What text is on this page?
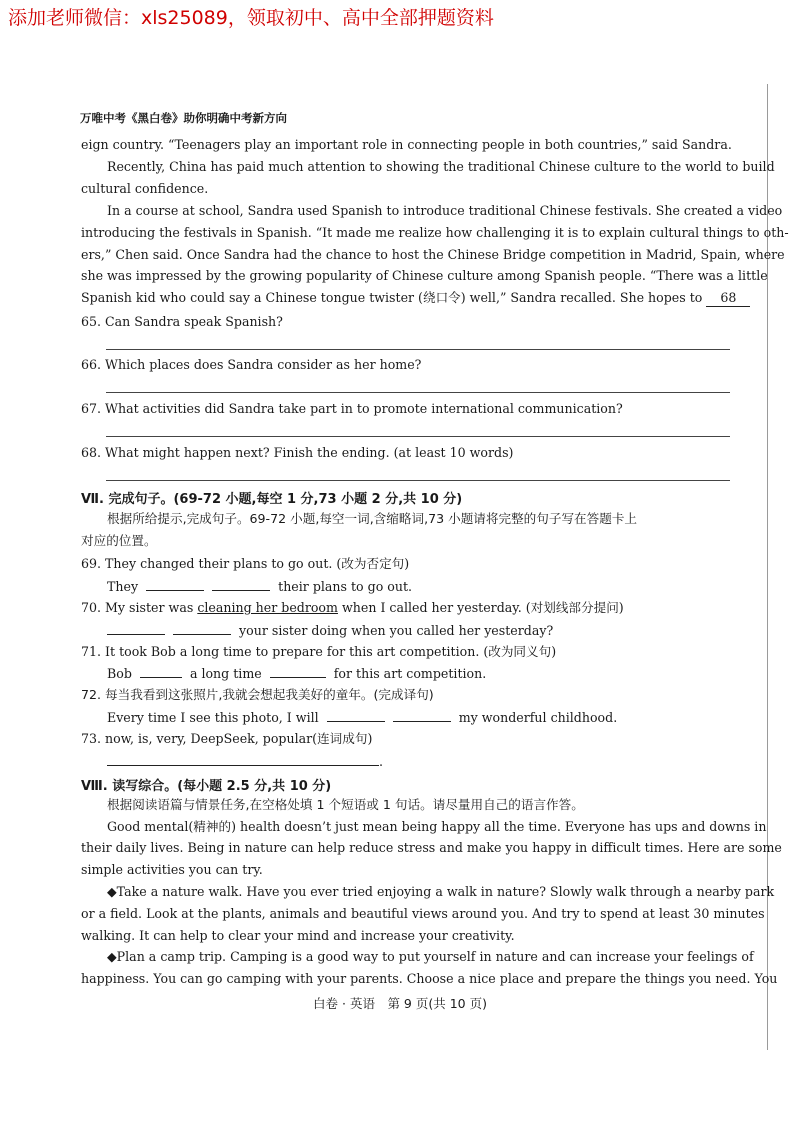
添加老师微信：xls25089，领取初中、高中全部押题资料
万唯中考《黑白卷》助你明确中考新方向
eign country. “Teenagers play an important role in connecting people in both countries,” said Sandra.
Recently, China has paid much attention to showing the traditional Chinese culture to the world to build
cultural confidence.
In a course at school, Sandra used Spanish to introduce traditional Chinese festivals. She created a video
introducing the festivals in Spanish. “It made me realize how challenging it is to explain cultural things to oth-
ers,” Chen said. Once Sandra had the chance to host the Chinese Bridge competition in Madrid, Spain, where
she was impressed by the growing popularity of Chinese culture among Spanish people. “There was a little
Spanish kid who could say a Chinese tongue twister (绕口令) well,” Sandra recalled. She hopes to 68
65. Can Sandra speak Spanish?
66. Which places does Sandra consider as her home?
67. What activities did Sandra take part in to promote international communication?
68. What might happen next? Finish the ending. (at least 10 words)
Ⅶ. 完成句子。(69-72 小题,每空 1 分,73 小题 2 分,共 10 分)
根据所给提示,完成句子。69-72 小题,每空一词,含缩略词,73 小题请将完整的句子写在答题卡上
对应的位置。
69. They changed their plans to go out. (改为否定句)
They	their plans to go out.
70. My sister was cleaning her bedroom when I called her yesterday. (对划线部分提问)
your sister doing when you called her yesterday?
71. It took Bob a long time to prepare for this art competition. (改为同义句)
Bob	a long time	for this art competition.
72. 每当我看到这张照片,我就会想起我美好的童年。(完成译句)
Every time I see this photo, I will	my wonderful childhood.
73. now, is, very, DeepSeek, popular(连词成句)
.
Ⅷ. 读写综合。(每小题 2.5 分,共 10 分)
根据阅读语篇与情景任务,在空格处填 1 个短语或 1 句话。请尽量用自己的语言作答。
Good mental(精神的) health doesn’t just mean being happy all the time. Everyone has ups and downs in
their daily lives. Being in nature can help reduce stress and make you happy in difficult times. Here are some
simple activities you can try.
◆Take a nature walk. Have you ever tried enjoying a walk in nature? Slowly walk through a nearby park
or a field. Look at the plants, animals and beautiful views around you. And try to spend at least 30 minutes
walking. It can help to clear your mind and increase your creativity.
◆Plan a camp trip. Camping is a good way to put yourself in nature and can increase your feelings of
happiness. You can go camping with your parents. Choose a nice place and prepare the things you need. You
白卷 · 英语　第 9 页(共 10 页)
